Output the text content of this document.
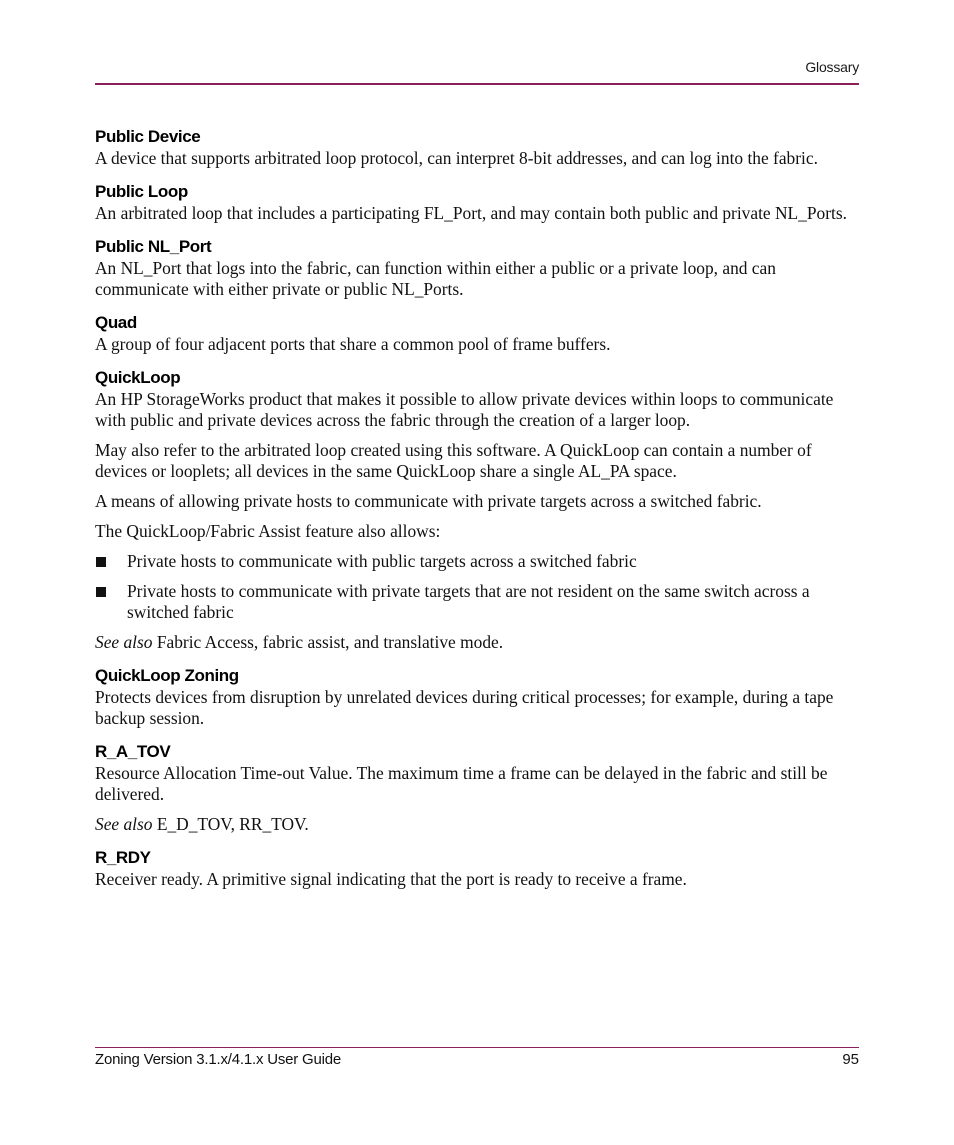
Glossary
Public Device

A device that supports arbitrated loop protocol, can interpret 8-bit addresses, and can log into the fabric.

Public Loop

An arbitrated loop that includes a participating FL_Port, and may contain both public and private NL_Ports.

Public NL_Port

An NL_Port that logs into the fabric, can function within either a public or a private loop, and can communicate with either private or public NL_Ports.

Quad

A group of four adjacent ports that share a common pool of frame buffers.

QuickLoop

An HP StorageWorks product that makes it possible to allow private devices within loops to communicate with public and private devices across the fabric through the creation of a larger loop.

May also refer to the arbitrated loop created using this software. A QuickLoop can contain a number of devices or looplets; all devices in the same QuickLoop share a single AL_PA space.

A means of allowing private hosts to communicate with private targets across a switched fabric.

The QuickLoop/Fabric Assist feature also allows:

Private hosts to communicate with public targets across a switched fabric
Private hosts to communicate with private targets that are not resident on the same switch across a switched fabric

See also Fabric Access, fabric assist, and translative mode.

QuickLoop Zoning

Protects devices from disruption by unrelated devices during critical processes; for example, during a tape backup session.

R_A_TOV

Resource Allocation Time-out Value. The maximum time a frame can be delayed in the fabric and still be delivered.

See also E_D_TOV, RR_TOV.

R_RDY

Receiver ready. A primitive signal indicating that the port is ready to receive a frame.

Zoning Version 3.1.x/4.1.x User Guide	95
